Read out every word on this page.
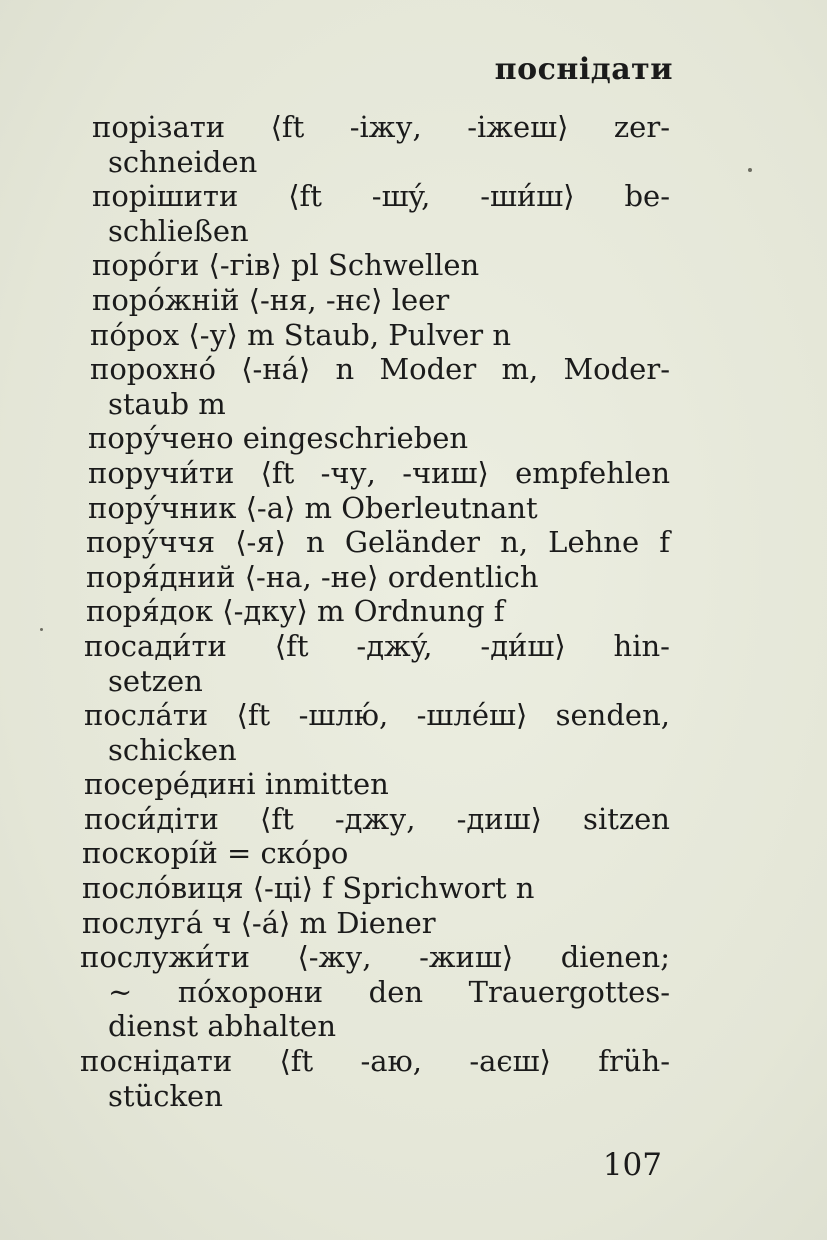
поснідати
порізати ⟨ft -іжу, -іжеш⟩ zer-
schneiden
порішити ⟨ft -шý, -ши́ш⟩ be-
schließen
поро́ги ⟨-гів⟩ pl Schwellen
поро́жній ⟨-ня, -нє⟩ leer
по́рох ⟨-у⟩ m Staub, Pulver n
порохно́ ⟨-на́⟩ n Moder m, Moder-
staub m
пору́чено eingeschrieben
поручи́ти ⟨ft -чу, -чиш⟩ empfehlen
пору́чник ⟨-а⟩ m Oberleutnant
пору́ччя ⟨-я⟩ n Geländer n, Lehne f
поря́дний ⟨-на, -не⟩ ordentlich
поря́док ⟨-дку⟩ m Ordnung f
посади́ти ⟨ft -джý, -ди́ш⟩ hin-
setzen
посла́ти ⟨ft -шлю́, -шле́ш⟩ senden,
schicken
посере́дині inmitten
поси́діти ⟨ft -джу, -диш⟩ sitzen
поскорі́й = ско́ро
посло́виця ⟨-ці⟩ f Sprichwort n
послугá ч ⟨-á⟩ m Diener
послужи́ти ⟨-жу, -жиш⟩ dienen;
~ по́хорони den Trauergottes-
dienst abhalten
поснідати ⟨ft -аю, -аєш⟩ früh-
stücken
107
